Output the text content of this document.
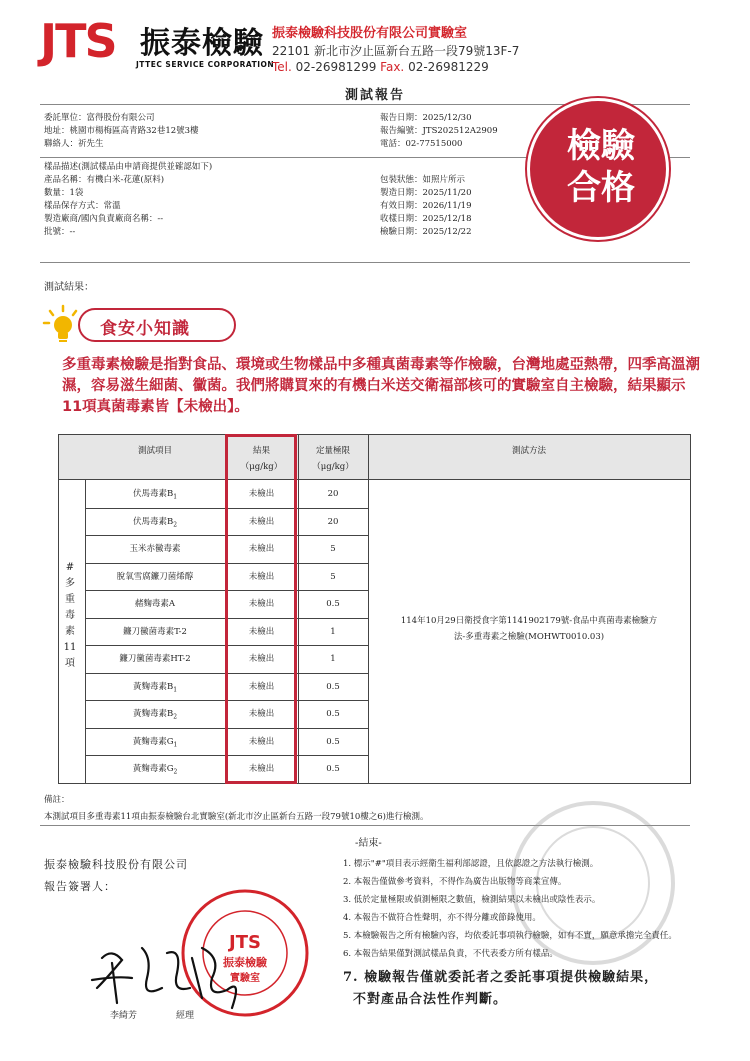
JTS 振泰檢驗
JTTEC SERVICE CORPORATION
振泰檢驗科技股份有限公司實驗室
22101 新北市汐止區新台五路一段79號13F-7
Tel. 02-26981299 Fax. 02-26981229
測試報告
委託單位：富得股份有限公司
地址：桃園市楊梅區高青路32巷12號3樓
聯絡人：祈先生
報告日期：2025/12/30
報告編號：JTS202512A2909
電話：02-77515000
樣品描述(測試樣品由申請商提供並確認如下)
產品名稱：有機白米-花蓮(原料)
數量：1袋
樣品保存方式：常溫
製造廠商/國內負責廠商名稱：--
批號：--
包裝狀態：如照片所示
製造日期：2025/11/20
有效日期：2026/11/19
收樣日期：2025/12/18
檢驗日期：2025/12/22
檢驗
合格
測試結果：
食安小知識
多重毒素檢驗是指對食品、環境或生物樣品中多種真菌毒素等作檢驗，台灣地處亞熱帶，四季高溫潮濕，容易滋生細菌、黴菌。我們將購買來的有機白米送交衛福部核可的實驗室自主檢驗，結果顯示11項真菌毒素皆【未檢出】。
測試項目	結果
（μg/kg）
定量極限
（μg/kg）
測試方法
伏馬毒素$B_1$	未檢出	20
伏馬毒素$B_2$	未檢出	20
玉米赤黴毒素	未檢出	5
脫氧雪腐鐮刀菌烯醇	未檢出	5
赭麴毒素A	未檢出	0.5
鐮刀黴菌毒素T-2	未檢出	1
鐮刀黴菌毒素HT-2	未檢出	1
黃麴毒素$B_1$	未檢出	0.5
黃麴毒素$B_2$	未檢出	0.5
黃麴毒素$G_1$	未檢出	0.5
黃麴毒素$G_2$	未檢出	0.5
114年10月29日衛授食字第1141902179號-食品中真菌毒素檢驗方
法-多重毒素之檢驗(MOHWT0010.03)
#
多
重
毒
素
11
項
備註：
本測試項目多重毒素11項由振泰檢驗台北實驗室(新北市汐止區新台五路一段79號10樓之6)進行檢測。
-結束-
振泰檢驗科技股份有限公司
報告簽署人：
JTS
振泰檢驗
實驗室
李綺芳	經理
1. 標示"#"項目表示經衛生福利部認證，且依認證之方法執行檢測。
2. 本報告僅做參考資料，不得作為廣告出版物等商業宣傳。
3. 低於定量極限或偵測極限之數值，檢測結果以未檢出或陰性表示。
4. 本報告不做符合性聲明，亦不得分離或節錄使用。
5. 本檢驗報告之所有檢驗內容，均依委託事項執行檢驗，如有不實，願意承擔完全責任。
6. 本報告結果僅對測試樣品負責，不代表委方所有樣品。
7. 檢驗報告僅就委託者之委託事項提供檢驗結果，
不對產品合法性作判斷。
